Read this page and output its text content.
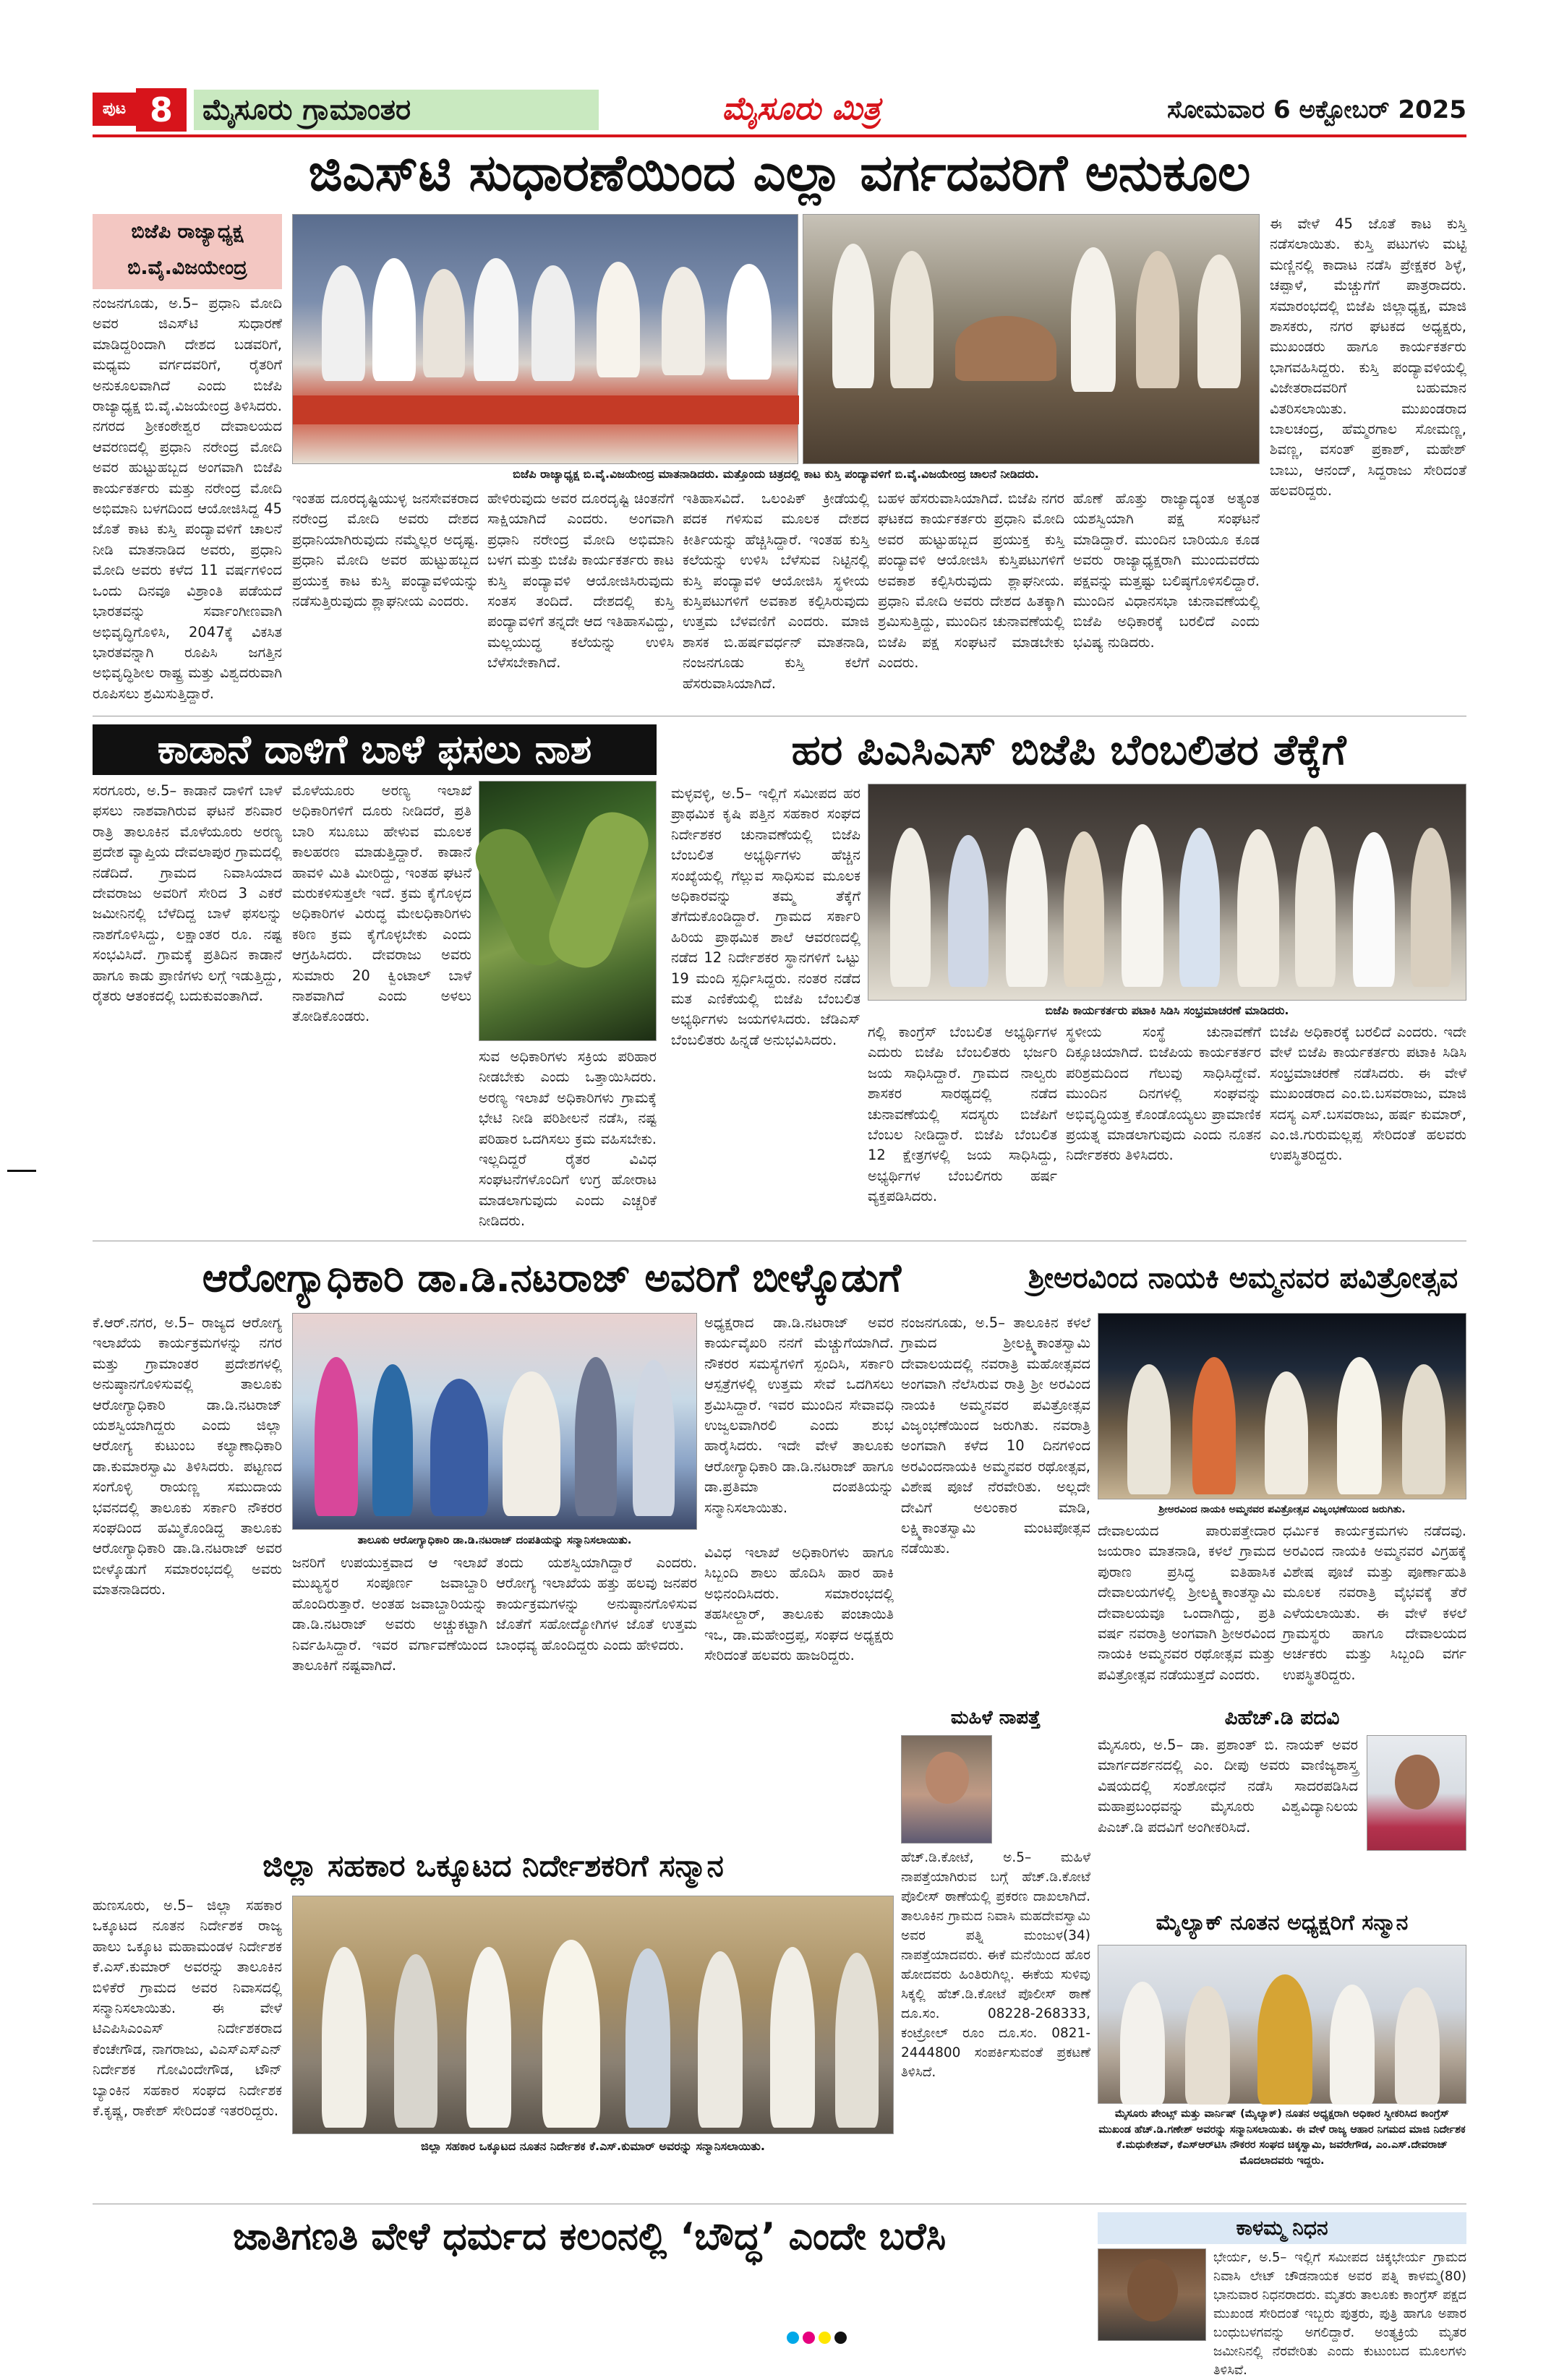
ಪುಟ 8	ಮೈಸೂರು ಗ್ರಾಮಾಂತರ	ಮೈಸೂರು ಮಿತ್ರ	ಸೋಮವಾರ 6 ಅಕ್ಟೋಬರ್ 2025
ಜಿಎಸ್‌ಟಿ ಸುಧಾರಣೆಯಿಂದ ಎಲ್ಲಾ ವರ್ಗದವರಿಗೆ ಅನುಕೂಲ
ಬಿಜೆಪಿ ರಾಜ್ಯಾಧ್ಯಕ್ಷ
ಬಿ.ವೈ.ವಿಜಯೇಂದ್ರ
ಬಿಜೆಪಿ ರಾಜ್ಯಾಧ್ಯಕ್ಷ ಬಿ.ವೈ.ವಿಜಯೇಂದ್ರ ಮಾತನಾಡಿದರು. ಮತ್ತೊಂದು ಚಿತ್ರದಲ್ಲಿ ಕಾಟ ಕುಸ್ತಿ ಪಂದ್ಯಾವಳಿಗೆ ಬಿ.ವೈ.ವಿಜಯೇಂದ್ರ ಚಾಲನೆ ನೀಡಿದರು.
ನಂಜನಗೂಡು, ಅ.5– ಪ್ರಧಾನಿ ಮೋದಿ ಅವರ ಜಿಎಸ್‌ಟಿ ಸುಧಾರಣೆ ಮಾಡಿದ್ದರಿಂದಾಗಿ ದೇಶದ ಬಡವರಿಗೆ, ಮಧ್ಯಮ ವರ್ಗದವರಿಗೆ, ರೈತರಿಗೆ ಅನುಕೂಲವಾಗಿದೆ ಎಂದು ಬಿಜೆಪಿ ರಾಜ್ಯಾಧ್ಯಕ್ಷ ಬಿ.ವೈ.ವಿಜಯೇಂದ್ರ ತಿಳಿಸಿದರು. ನಗರದ ಶ್ರೀಕಂಠೇಶ್ವರ ದೇವಾಲಯದ ಆವರಣದಲ್ಲಿ ಪ್ರಧಾನಿ ನರೇಂದ್ರ ಮೋದಿ ಅವರ ಹುಟ್ಟುಹಬ್ಬದ ಅಂಗವಾಗಿ ಬಿಜೆಪಿ ಕಾರ್ಯಕರ್ತರು ಮತ್ತು ನರೇಂದ್ರ ಮೋದಿ ಅಭಿಮಾನಿ ಬಳಗದಿಂದ ಆಯೋಜಿಸಿದ್ದ 45 ಜೊತೆ ಕಾಟ ಕುಸ್ತಿ ಪಂದ್ಯಾವಳಿಗೆ ಚಾಲನೆ ನೀಡಿ ಮಾತನಾಡಿದ ಅವರು, ಪ್ರಧಾನಿ ಮೋದಿ ಅವರು ಕಳೆದ 11 ವರ್ಷಗಳಿಂದ ಒಂದು ದಿನವೂ ವಿಶ್ರಾಂತಿ ಪಡೆಯದೆ ಭಾರತವನ್ನು ಸರ್ವಾಂಗೀಣವಾಗಿ ಅಭಿವೃದ್ಧಿಗೊಳಿಸಿ, 2047ಕ್ಕೆ ವಿಕಸಿತ ಭಾರತವನ್ನಾಗಿ ರೂಪಿಸಿ ಜಗತ್ತಿನ ಅಭಿವೃದ್ಧಿಶೀಲ ರಾಷ್ಟ್ರ ಮತ್ತು ವಿಶ್ವದರುವಾಗಿ ರೂಪಿಸಲು ಶ್ರಮಿಸುತ್ತಿದ್ದಾರೆ.
ಇಂತಹ ದೂರದೃಷ್ಟಿಯುಳ್ಳ ಜನಸೇವಕರಾದ ನರೇಂದ್ರ ಮೋದಿ ಅವರು ದೇಶದ ಪ್ರಧಾನಿಯಾಗಿರುವುದು ನಮ್ಮೆಲ್ಲರ ಅದೃಷ್ಟ. ಪ್ರಧಾನಿ ಮೋದಿ ಅವರ ಹುಟ್ಟುಹಬ್ಬದ ಪ್ರಯುಕ್ತ ಕಾಟ ಕುಸ್ತಿ ಪಂದ್ಯಾವಳಿಯನ್ನು ನಡೆಸುತ್ತಿರುವುದು ಶ್ಲಾಘನೀಯ ಎಂದರು.
ಹೇಳಿರುವುದು ಅವರ ದೂರದೃಷ್ಟಿ ಚಿಂತನೆಗೆ ಸಾಕ್ಷಿಯಾಗಿದೆ ಎಂದರು. ಅಂಗವಾಗಿ ಪ್ರಧಾನಿ ನರೇಂದ್ರ ಮೋದಿ ಅಭಿಮಾನಿ ಬಳಗ ಮತ್ತು ಬಿಜೆಪಿ ಕಾರ್ಯಕರ್ತರು ಕಾಟ ಕುಸ್ತಿ ಪಂದ್ಯಾವಳಿ ಆಯೋಜಿಸಿರುವುದು ಸಂತಸ ತಂದಿದೆ. ದೇಶದಲ್ಲಿ ಕುಸ್ತಿ ಪಂದ್ಯಾವಳಿಗೆ ತನ್ನದೇ ಆದ ಇತಿಹಾಸವಿದ್ದು, ಮಲ್ಲಯುದ್ಧ ಕಲೆಯನ್ನು ಉಳಿಸಿ ಬೆಳೆಸಬೇಕಾಗಿದೆ.
ಇತಿಹಾಸವಿದೆ. ಒಲಂಪಿಕ್ ಕ್ರೀಡೆಯಲ್ಲಿ ಪದಕ ಗಳಿಸುವ ಮೂಲಕ ದೇಶದ ಕೀರ್ತಿಯನ್ನು ಹೆಚ್ಚಿಸಿದ್ದಾರೆ. ಇಂತಹ ಕುಸ್ತಿ ಕಲೆಯನ್ನು ಉಳಿಸಿ ಬೆಳೆಸುವ ನಿಟ್ಟಿನಲ್ಲಿ ಕುಸ್ತಿ ಪಂದ್ಯಾವಳಿ ಆಯೋಜಿಸಿ ಸ್ಥಳೀಯ ಕುಸ್ತಿಪಟುಗಳಿಗೆ ಅವಕಾಶ ಕಲ್ಪಿಸಿರುವುದು ಉತ್ತಮ ಬೆಳವಣಿಗೆ ಎಂದರು. ಮಾಜಿ ಶಾಸಕ ಬಿ.ಹರ್ಷವರ್ಧನ್ ಮಾತನಾಡಿ, ನಂಜನಗೂಡು ಕುಸ್ತಿ ಕಲೆಗೆ ಹೆಸರುವಾಸಿಯಾಗಿದೆ.
ಬಹಳ ಹೆಸರುವಾಸಿಯಾಗಿದೆ. ಬಿಜೆಪಿ ನಗರ ಘಟಕದ ಕಾರ್ಯಕರ್ತರು ಪ್ರಧಾನಿ ಮೋದಿ ಅವರ ಹುಟ್ಟುಹಬ್ಬದ ಪ್ರಯುಕ್ತ ಕುಸ್ತಿ ಪಂದ್ಯಾವಳಿ ಆಯೋಜಿಸಿ ಕುಸ್ತಿಪಟುಗಳಿಗೆ ಅವಕಾಶ ಕಲ್ಪಿಸಿರುವುದು ಶ್ಲಾಘನೀಯ. ಪ್ರಧಾನಿ ಮೋದಿ ಅವರು ದೇಶದ ಹಿತಕ್ಕಾಗಿ ಶ್ರಮಿಸುತ್ತಿದ್ದು, ಮುಂದಿನ ಚುನಾವಣೆಯಲ್ಲಿ ಬಿಜೆಪಿ ಪಕ್ಷ ಸಂಘಟನೆ ಮಾಡಬೇಕು ಎಂದರು.
ಹೊಣೆ ಹೊತ್ತು ರಾಜ್ಯಾದ್ಯಂತ ಅತ್ಯಂತ ಯಶಸ್ವಿಯಾಗಿ ಪಕ್ಷ ಸಂಘಟನೆ ಮಾಡಿದ್ದಾರೆ. ಮುಂದಿನ ಬಾರಿಯೂ ಕೂಡ ಅವರು ರಾಜ್ಯಾಧ್ಯಕ್ಷರಾಗಿ ಮುಂದುವರೆದು ಪಕ್ಷವನ್ನು ಮತ್ತಷ್ಟು ಬಲಿಷ್ಠಗೊಳಿಸಲಿದ್ದಾರೆ. ಮುಂದಿನ ವಿಧಾನಸಭಾ ಚುನಾವಣೆಯಲ್ಲಿ ಬಿಜೆಪಿ ಅಧಿಕಾರಕ್ಕೆ ಬರಲಿದೆ ಎಂದು ಭವಿಷ್ಯ ನುಡಿದರು.
ಈ ವೇಳೆ 45 ಜೊತೆ ಕಾಟ ಕುಸ್ತಿ ನಡೆಸಲಾಯಿತು. ಕುಸ್ತಿ ಪಟುಗಳು ಮಟ್ಟಿ ಮಣ್ಣಿನಲ್ಲಿ ಕಾದಾಟ ನಡೆಸಿ ಪ್ರೇಕ್ಷಕರ ಶಿಳ್ಳೆ, ಚಪ್ಪಾಳೆ, ಮೆಚ್ಚುಗೆಗೆ ಪಾತ್ರರಾದರು. ಸಮಾರಂಭದಲ್ಲಿ ಬಿಜೆಪಿ ಜಿಲ್ಲಾಧ್ಯಕ್ಷ, ಮಾಜಿ ಶಾಸಕರು, ನಗರ ಘಟಕದ ಅಧ್ಯಕ್ಷರು, ಮುಖಂಡರು ಹಾಗೂ ಕಾರ್ಯಕರ್ತರು ಭಾಗವಹಿಸಿದ್ದರು. ಕುಸ್ತಿ ಪಂದ್ಯಾವಳಿಯಲ್ಲಿ ವಿಜೇತರಾದವರಿಗೆ ಬಹುಮಾನ ವಿತರಿಸಲಾಯಿತು. ಮುಖಂಡರಾದ ಬಾಲಚಂದ್ರ, ಹೆಮ್ಮರಗಾಲ ಸೋಮಣ್ಣ, ಶಿವಣ್ಣ, ವಸಂತ್ ಪ್ರಕಾಶ್, ಮಹೇಶ್ ಬಾಬು, ಆನಂದ್, ಸಿದ್ದರಾಜು ಸೇರಿದಂತೆ ಹಲವರಿದ್ದರು.
ಕಾಡಾನೆ ದಾಳಿಗೆ ಬಾಳೆ ಫಸಲು ನಾಶ
ಸರಗೂರು, ಅ.5– ಕಾಡಾನೆ ದಾಳಿಗೆ ಬಾಳೆ ಫಸಲು ನಾಶವಾಗಿರುವ ಘಟನೆ ಶನಿವಾರ ರಾತ್ರಿ ತಾಲೂಕಿನ ಮೊಳೆಯೂರು ಅರಣ್ಯ ಪ್ರದೇಶ ವ್ಯಾಪ್ತಿಯ ದೇವಲಾಪುರ ಗ್ರಾಮದಲ್ಲಿ ನಡೆದಿದೆ. ಗ್ರಾಮದ ನಿವಾಸಿಯಾದ ದೇವರಾಜು ಅವರಿಗೆ ಸೇರಿದ 3 ಎಕರೆ ಜಮೀನಿನಲ್ಲಿ ಬೆಳೆದಿದ್ದ ಬಾಳೆ ಫಸಲನ್ನು ನಾಶಗೊಳಿಸಿದ್ದು, ಲಕ್ಷಾಂತರ ರೂ. ನಷ್ಟ ಸಂಭವಿಸಿದೆ. ಗ್ರಾಮಕ್ಕೆ ಪ್ರತಿದಿನ ಕಾಡಾನೆ ಹಾಗೂ ಕಾಡು ಪ್ರಾಣಿಗಳು ಲಗ್ಗೆ ಇಡುತ್ತಿದ್ದು, ರೈತರು ಆತಂಕದಲ್ಲಿ ಬದುಕುವಂತಾಗಿದೆ.
ಮೊಳೆಯೂರು ಅರಣ್ಯ ಇಲಾಖೆ ಅಧಿಕಾರಿಗಳಿಗೆ ದೂರು ನೀಡಿದರೆ, ಪ್ರತಿ ಬಾರಿ ಸಬೂಬು ಹೇಳುವ ಮೂಲಕ ಕಾಲಹರಣ ಮಾಡುತ್ತಿದ್ದಾರೆ. ಕಾಡಾನೆ ಹಾವಳಿ ಮಿತಿ ಮೀರಿದ್ದು, ಇಂತಹ ಘಟನೆ ಮರುಕಳಿಸುತ್ತಲೇ ಇದೆ. ಕ್ರಮ ಕೈಗೊಳ್ಳದ ಅಧಿಕಾರಿಗಳ ವಿರುದ್ಧ ಮೇಲಧಿಕಾರಿಗಳು ಕಠಿಣ ಕ್ರಮ ಕೈಗೊಳ್ಳಬೇಕು ಎಂದು ಆಗ್ರಹಿಸಿದರು. ದೇವರಾಜು ಅವರು ಸುಮಾರು 20 ಕ್ವಿಂಟಾಲ್ ಬಾಳೆ ನಾಶವಾಗಿದೆ ಎಂದು ಅಳಲು ತೋಡಿಕೊಂಡರು.
ಸುವ ಅಧಿಕಾರಿಗಳು ಸಕ್ರಿಯ ಪರಿಹಾರ ನೀಡಬೇಕು ಎಂದು ಒತ್ತಾಯಿಸಿದರು. ಅರಣ್ಯ ಇಲಾಖೆ ಅಧಿಕಾರಿಗಳು ಗ್ರಾಮಕ್ಕೆ ಭೇಟಿ ನೀಡಿ ಪರಿಶೀಲನೆ ನಡೆಸಿ, ನಷ್ಟ ಪರಿಹಾರ ಒದಗಿಸಲು ಕ್ರಮ ವಹಿಸಬೇಕು. ಇಲ್ಲದಿದ್ದರೆ ರೈತರ ವಿವಿಧ ಸಂಘಟನೆಗಳೊಂದಿಗೆ ಉಗ್ರ ಹೋರಾಟ ಮಾಡಲಾಗುವುದು ಎಂದು ಎಚ್ಚರಿಕೆ ನೀಡಿದರು.
ಹರ ಪಿಎಸಿಎಸ್ ಬಿಜೆಪಿ ಬೆಂಬಲಿತರ ತೆಕ್ಕೆಗೆ
ಮಳ್ಳವಳ್ಳಿ, ಅ.5– ಇಲ್ಲಿಗೆ ಸಮೀಪದ ಹರ ಪ್ರಾಥಮಿಕ ಕೃಷಿ ಪತ್ತಿನ ಸಹಕಾರ ಸಂಘದ ನಿರ್ದೇಶಕರ ಚುನಾವಣೆಯಲ್ಲಿ ಬಿಜೆಪಿ ಬೆಂಬಲಿತ ಅಭ್ಯರ್ಥಿಗಳು ಹೆಚ್ಚಿನ ಸಂಖ್ಯೆಯಲ್ಲಿ ಗೆಲ್ಲುವ ಸಾಧಿಸುವ ಮೂಲಕ ಅಧಿಕಾರವನ್ನು ತಮ್ಮ ತೆಕ್ಕೆಗೆ ತೆಗೆದುಕೊಂಡಿದ್ದಾರೆ. ಗ್ರಾಮದ ಸರ್ಕಾರಿ ಹಿರಿಯ ಪ್ರಾಥಮಿಕ ಶಾಲೆ ಆವರಣದಲ್ಲಿ ನಡೆದ 12 ನಿರ್ದೇಶಕರ ಸ್ಥಾನಗಳಿಗೆ ಒಟ್ಟು 19 ಮಂದಿ ಸ್ಪರ್ಧಿಸಿದ್ದರು. ನಂತರ ನಡೆದ ಮತ ಎಣಿಕೆಯಲ್ಲಿ ಬಿಜೆಪಿ ಬೆಂಬಲಿತ ಅಭ್ಯರ್ಥಿಗಳು ಜಯಗಳಿಸಿದರು. ಜೆಡಿಎಸ್ ಬೆಂಬಲಿತರು ಹಿನ್ನಡೆ ಅನುಭವಿಸಿದರು.
ಬಿಜೆಪಿ ಕಾರ್ಯಕರ್ತರು ಪಟಾಕಿ ಸಿಡಿಸಿ ಸಂಭ್ರಮಾಚರಣೆ ಮಾಡಿದರು.
ಗಲ್ಲಿ ಕಾಂಗ್ರೆಸ್ ಬೆಂಬಲಿತ ಅಭ್ಯರ್ಥಿಗಳ ಎದುರು ಬಿಜೆಪಿ ಬೆಂಬಲಿತರು ಭರ್ಜರಿ ಜಯ ಸಾಧಿಸಿದ್ದಾರೆ. ಗ್ರಾಮದ ನಾಲ್ವರು ಶಾಸಕರ ಸಾರಥ್ಯದಲ್ಲಿ ನಡೆದ ಚುನಾವಣೆಯಲ್ಲಿ ಸದಸ್ಯರು ಬಿಜೆಪಿಗೆ ಬೆಂಬಲ ನೀಡಿದ್ದಾರೆ. ಬಿಜೆಪಿ ಬೆಂಬಲಿತ 12 ಕ್ಷೇತ್ರಗಳಲ್ಲಿ ಜಯ ಸಾಧಿಸಿದ್ದು, ಅಭ್ಯರ್ಥಿಗಳ ಬೆಂಬಲಿಗರು ಹರ್ಷ ವ್ಯಕ್ತಪಡಿಸಿದರು.
ಸ್ಥಳೀಯ ಸಂಸ್ಥೆ ಚುನಾವಣೆಗೆ ದಿಕ್ಸೂಚಿಯಾಗಿದೆ. ಬಿಜೆಪಿಯ ಕಾರ್ಯಕರ್ತರ ಪರಿಶ್ರಮದಿಂದ ಗೆಲುವು ಸಾಧಿಸಿದ್ದೇವೆ. ಮುಂದಿನ ದಿನಗಳಲ್ಲಿ ಸಂಘವನ್ನು ಅಭಿವೃದ್ಧಿಯತ್ತ ಕೊಂಡೊಯ್ಯಲು ಪ್ರಾಮಾಣಿಕ ಪ್ರಯತ್ನ ಮಾಡಲಾಗುವುದು ಎಂದು ನೂತನ ನಿರ್ದೇಶಕರು ತಿಳಿಸಿದರು.
ಬಿಜೆಪಿ ಅಧಿಕಾರಕ್ಕೆ ಬರಲಿದೆ ಎಂದರು. ಇದೇ ವೇಳೆ ಬಿಜೆಪಿ ಕಾರ್ಯಕರ್ತರು ಪಟಾಕಿ ಸಿಡಿಸಿ ಸಂಭ್ರಮಾಚರಣೆ ನಡೆಸಿದರು. ಈ ವೇಳೆ ಮುಖಂಡರಾದ ಎಂ.ಬಿ.ಬಸವರಾಜು, ಮಾಜಿ ಸದಸ್ಯ ಎಸ್.ಬಸವರಾಜು, ಹರ್ಷ ಕುಮಾರ್, ಎಂ.ಜಿ.ಗುರುಮಲ್ಲಪ್ಪ ಸೇರಿದಂತೆ ಹಲವರು ಉಪಸ್ಥಿತರಿದ್ದರು.
ಆರೋಗ್ಯಾಧಿಕಾರಿ ಡಾ.ಡಿ.ನಟರಾಜ್ ಅವರಿಗೆ ಬೀಳ್ಕೊಡುಗೆ
ಕೆ.ಆರ್.ನಗರ, ಅ.5– ರಾಜ್ಯದ ಆರೋಗ್ಯ ಇಲಾಖೆಯ ಕಾರ್ಯಕ್ರಮಗಳನ್ನು ನಗರ ಮತ್ತು ಗ್ರಾಮಾಂತರ ಪ್ರದೇಶಗಳಲ್ಲಿ ಅನುಷ್ಠಾನಗೊಳಿಸುವಲ್ಲಿ ತಾಲೂಕು ಆರೋಗ್ಯಾಧಿಕಾರಿ ಡಾ.ಡಿ.ನಟರಾಜ್ ಯಶಸ್ವಿಯಾಗಿದ್ದರು ಎಂದು ಜಿಲ್ಲಾ ಆರೋಗ್ಯ ಕುಟುಂಬ ಕಲ್ಯಾಣಾಧಿಕಾರಿ ಡಾ.ಕುಮಾರಸ್ವಾಮಿ ತಿಳಿಸಿದರು. ಪಟ್ಟಣದ ಸಂಗೊಳ್ಳಿ ರಾಯಣ್ಣ ಸಮುದಾಯ ಭವನದಲ್ಲಿ ತಾಲೂಕು ಸರ್ಕಾರಿ ನೌಕರರ ಸಂಘದಿಂದ ಹಮ್ಮಿಕೊಂಡಿದ್ದ ತಾಲೂಕು ಆರೋಗ್ಯಾಧಿಕಾರಿ ಡಾ.ಡಿ.ನಟರಾಜ್ ಅವರ ಬೀಳ್ಕೊಡುಗೆ ಸಮಾರಂಭದಲ್ಲಿ ಅವರು ಮಾತನಾಡಿದರು.
ತಾಲೂಕು ಆರೋಗ್ಯಾಧಿಕಾರಿ ಡಾ.ಡಿ.ನಟರಾಜ್ ದಂಪತಿಯನ್ನು ಸನ್ಮಾನಿಸಲಾಯಿತು.
ಅಧ್ಯಕ್ಷರಾದ ಡಾ.ಡಿ.ನಟರಾಜ್ ಅವರ ಕಾರ್ಯವೈಖರಿ ನನಗೆ ಮೆಚ್ಚುಗೆಯಾಗಿದೆ. ನೌಕರರ ಸಮಸ್ಯೆಗಳಿಗೆ ಸ್ಪಂದಿಸಿ, ಸರ್ಕಾರಿ ಆಸ್ಪತ್ರೆಗಳಲ್ಲಿ ಉತ್ತಮ ಸೇವೆ ಒದಗಿಸಲು ಶ್ರಮಿಸಿದ್ದಾರೆ. ಇವರ ಮುಂದಿನ ಸೇವಾವಧಿ ಉಜ್ವಲವಾಗಿರಲಿ ಎಂದು ಶುಭ ಹಾರೈಸಿದರು. ಇದೇ ವೇಳೆ ತಾಲೂಕು ಆರೋಗ್ಯಾಧಿಕಾರಿ ಡಾ.ಡಿ.ನಟರಾಜ್ ಹಾಗೂ ಡಾ.ಪ್ರತಿಮಾ ದಂಪತಿಯನ್ನು ಸನ್ಮಾನಿಸಲಾಯಿತು.
ಜನರಿಗೆ ಉಪಯುಕ್ತವಾದ ಆ ಇಲಾಖೆ ಮುಖ್ಯಸ್ಥರ ಸಂಪೂರ್ಣ ಜವಾಬ್ದಾರಿ ಹೊಂದಿರುತ್ತಾರೆ. ಅಂತಹ ಜವಾಬ್ದಾರಿಯನ್ನು ಡಾ.ಡಿ.ನಟರಾಜ್ ಅವರು ಅಚ್ಚುಕಟ್ಟಾಗಿ ನಿರ್ವಹಿಸಿದ್ದಾರೆ. ಇವರ ವರ್ಗಾವಣೆಯಿಂದ ತಾಲೂಕಿಗೆ ನಷ್ಟವಾಗಿದೆ.
ತಂದು ಯಶಸ್ವಿಯಾಗಿದ್ದಾರೆ ಎಂದರು. ಆರೋಗ್ಯ ಇಲಾಖೆಯ ಹತ್ತು ಹಲವು ಜನಪರ ಕಾರ್ಯಕ್ರಮಗಳನ್ನು ಅನುಷ್ಠಾನಗೊಳಿಸುವ ಜೊತೆಗೆ ಸಹೋದ್ಯೋಗಿಗಳ ಜೊತೆ ಉತ್ತಮ ಬಾಂಧವ್ಯ ಹೊಂದಿದ್ದರು ಎಂದು ಹೇಳಿದರು.
ವಿವಿಧ ಇಲಾಖೆ ಅಧಿಕಾರಿಗಳು ಹಾಗೂ ಸಿಬ್ಬಂದಿ ಶಾಲು ಹೊದಿಸಿ ಹಾರ ಹಾಕಿ ಅಭಿನಂದಿಸಿದರು. ಸಮಾರಂಭದಲ್ಲಿ ತಹಸೀಲ್ದಾರ್, ತಾಲೂಕು ಪಂಚಾಯಿತಿ ಇಒ, ಡಾ.ಮಹೇಂದ್ರಪ್ಪ, ಸಂಘದ ಅಧ್ಯಕ್ಷರು ಸೇರಿದಂತೆ ಹಲವರು ಹಾಜರಿದ್ದರು.
ಶ್ರೀಅರವಿಂದ ನಾಯಕಿ ಅಮ್ಮನವರ ಪವಿತ್ರೋತ್ಸವ
ನಂಜನಗೂಡು, ಅ.5– ತಾಲೂಕಿನ ಕಳಲೆ ಗ್ರಾಮದ ಶ್ರೀಲಕ್ಷ್ಮಿಕಾಂತಸ್ವಾಮಿ ದೇವಾಲಯದಲ್ಲಿ ನವರಾತ್ರಿ ಮಹೋತ್ಸವದ ಅಂಗವಾಗಿ ನೆಲೆಸಿರುವ ರಾತ್ರಿ ಶ್ರೀ ಅರವಿಂದ ನಾಯಕಿ ಅಮ್ಮನವರ ಪವಿತ್ರೋತ್ಸವ ವಿಜೃಂಭಣೆಯಿಂದ ಜರುಗಿತು. ನವರಾತ್ರಿ ಅಂಗವಾಗಿ ಕಳೆದ 10 ದಿನಗಳಿಂದ ಅರವಿಂದನಾಯಕಿ ಅಮ್ಮನವರ ರಥೋತ್ಸವ, ವಿಶೇಷ ಪೂಜೆ ನೆರವೇರಿತು. ಅಲ್ಲದೇ ದೇವಿಗೆ ಅಲಂಕಾರ ಮಾಡಿ, ಲಕ್ಷ್ಮಿಕಾಂತಸ್ವಾಮಿ ಮಂಟಪೋತ್ಸವ ನಡೆಯಿತು.
ಶ್ರೀಅರವಿಂದ ನಾಯಕಿ ಅಮ್ಮನವರ ಪವಿತ್ರೋತ್ಸವ ವಿಜೃಂಭಣೆಯಿಂದ ಜರುಗಿತು.
ದೇವಾಲಯದ ಪಾರುಪತ್ತೇದಾರ ಜಯರಾಂ ಮಾತನಾಡಿ, ಕಳಲೆ ಗ್ರಾಮದ ಪುರಾಣ ಪ್ರಸಿದ್ಧ ಐತಿಹಾಸಿಕ ದೇವಾಲಯಗಳಲ್ಲಿ ಶ್ರೀಲಕ್ಷ್ಮಿಕಾಂತಸ್ವಾಮಿ ದೇವಾಲಯವೂ ಒಂದಾಗಿದ್ದು, ಪ್ರತಿ ವರ್ಷ ನವರಾತ್ರಿ ಅಂಗವಾಗಿ ಶ್ರೀಅರವಿಂದ ನಾಯಕಿ ಅಮ್ಮನವರ ರಥೋತ್ಸವ ಮತ್ತು ಪವಿತ್ರೋತ್ಸವ ನಡೆಯುತ್ತದೆ ಎಂದರು.
ಧರ್ಮಿಕ ಕಾರ್ಯಕ್ರಮಗಳು ನಡೆದವು. ಅರವಿಂದ ನಾಯಕಿ ಅಮ್ಮನವರ ವಿಗ್ರಹಕ್ಕೆ ವಿಶೇಷ ಪೂಜೆ ಮತ್ತು ಪೂರ್ಣಾಹುತಿ ಮೂಲಕ ನವರಾತ್ರಿ ವೈಭವಕ್ಕೆ ತೆರೆ ಎಳೆಯಲಾಯಿತು. ಈ ವೇಳೆ ಕಳಲೆ ಗ್ರಾಮಸ್ಥರು ಹಾಗೂ ದೇವಾಲಯದ ಅರ್ಚಕರು ಮತ್ತು ಸಿಬ್ಬಂದಿ ವರ್ಗ ಉಪಸ್ಥಿತರಿದ್ದರು.
ಜಿಲ್ಲಾ ಸಹಕಾರ ಒಕ್ಕೂಟದ ನಿರ್ದೇಶಕರಿಗೆ ಸನ್ಮಾನ
ಹುಣಸೂರು, ಅ.5– ಜಿಲ್ಲಾ ಸಹಕಾರ ಒಕ್ಕೂಟದ ನೂತನ ನಿರ್ದೇಶಕ ರಾಜ್ಯ ಹಾಲು ಒಕ್ಕೂಟ ಮಹಾಮಂಡಳ ನಿರ್ದೇಶಕ ಕೆ.ಎಸ್.ಕುಮಾರ್ ಅವರನ್ನು ತಾಲೂಕಿನ ಬಿಳಿಕೆರೆ ಗ್ರಾಮದ ಅವರ ನಿವಾಸದಲ್ಲಿ ಸನ್ಮಾನಿಸಲಾಯಿತು. ಈ ವೇಳೆ ಟಿಎಪಿಸಿಎಂಎಸ್ ನಿರ್ದೇಶಕರಾದ ಕೆಂಚೇಗೌಡ, ನಾಗರಾಜು, ವಿಎಸ್‌ಎಸ್‌ಎನ್ ನಿರ್ದೇಶಕ ಗೋವಿಂದೇಗೌಡ, ಟೌನ್ ಬ್ಯಾಂಕಿನ ಸಹಕಾರ ಸಂಘದ ನಿರ್ದೇಶಕ ಕೆ.ಕೃಷ್ಣ, ರಾಕೇಶ್ ಸೇರಿದಂತೆ ಇತರರಿದ್ದರು.
ಜಿಲ್ಲಾ ಸಹಕಾರ ಒಕ್ಕೂಟದ ನೂತನ ನಿರ್ದೇಶಕ ಕೆ.ಎಸ್.ಕುಮಾರ್ ಅವರನ್ನು ಸನ್ಮಾನಿಸಲಾಯಿತು.
ಮಹಿಳೆ ನಾಪತ್ತೆ
ಹೆಚ್.ಡಿ.ಕೋಟೆ, ಅ.5– ಮಹಿಳೆ ನಾಪತ್ತೆಯಾಗಿರುವ ಬಗ್ಗೆ ಹೆಚ್.ಡಿ.ಕೋಟೆ ಪೊಲೀಸ್ ಠಾಣೆಯಲ್ಲಿ ಪ್ರಕರಣ ದಾಖಲಾಗಿದೆ. ತಾಲೂಕಿನ ಗ್ರಾಮದ ನಿವಾಸಿ ಮಹದೇವಸ್ವಾಮಿ ಅವರ ಪತ್ನಿ ಮಂಜುಳ(34) ನಾಪತ್ತೆಯಾದವರು. ಈಕೆ ಮನೆಯಿಂದ ಹೊರ ಹೋದವರು ಹಿಂತಿರುಗಿಲ್ಲ. ಈಕೆಯ ಸುಳಿವು ಸಿಕ್ಕಲ್ಲಿ ಹೆಚ್.ಡಿ.ಕೋಟೆ ಪೊಲೀಸ್ ಠಾಣೆ ದೂ.ಸಂ. 08228-268333, ಕಂಟ್ರೋಲ್ ರೂಂ ದೂ.ಸಂ. 0821-2444800 ಸಂಪರ್ಕಿಸುವಂತೆ ಪ್ರಕಟಣೆ ತಿಳಿಸಿದೆ.
ಪಿಹೆಚ್.ಡಿ ಪದವಿ
ಮೈಸೂರು, ಅ.5– ಡಾ. ಪ್ರಶಾಂತ್ ಬಿ. ನಾಯಕ್ ಅವರ ಮಾರ್ಗದರ್ಶನದಲ್ಲಿ ಎಂ. ದೀಪು ಅವರು ವಾಣಿಜ್ಯಶಾಸ್ತ್ರ ವಿಷಯದಲ್ಲಿ ಸಂಶೋಧನೆ ನಡೆಸಿ ಸಾದರಪಡಿಸಿದ ಮಹಾಪ್ರಬಂಧವನ್ನು ಮೈಸೂರು ವಿಶ್ವವಿದ್ಯಾನಿಲಯ ಪಿಎಚ್.ಡಿ ಪದವಿಗೆ ಅಂಗೀಕರಿಸಿದೆ.
ಮೈಲ್ಯಾಕ್ ನೂತನ ಅಧ್ಯಕ್ಷರಿಗೆ ಸನ್ಮಾನ
ಮೈಸೂರು ಪೇಂಟ್ಸ್ ಮತ್ತು ವಾರ್ನಿಷ್ (ಮೈಲ್ಯಾಕ್) ನೂತನ ಅಧ್ಯಕ್ಷರಾಗಿ ಅಧಿಕಾರ ಸ್ವೀಕರಿಸಿದ ಕಾಂಗ್ರೆಸ್ ಮುಖಂಡ ಹೆಚ್.ಡಿ.ಗಣೇಶ್ ಅವರನ್ನು ಸನ್ಮಾನಿಸಲಾಯಿತು. ಈ ವೇಳೆ ರಾಜ್ಯ ಆಹಾರ ನಿಗಮದ ಮಾಜಿ ನಿರ್ದೇಶಕ ಕೆ.ಮಧುಕೇಶವ್, ಕೆಎಸ್‌ಆರ್‌ಟಿಸಿ ನೌಕರರ ಸಂಘದ ಚಿಕ್ಕಸ್ವಾಮಿ, ಜವರೇಗೌಡ, ಎಂ.ಎಸ್.ದೇವರಾಜ್ ಮೊದಲಾದವರು ಇದ್ದರು.
ಜಾತಿಗಣತಿ ವೇಳೆ ಧರ್ಮದ ಕಲಂನಲ್ಲಿ ‘ಬೌದ್ಧ’ ಎಂದೇ ಬರೆಸಿ	ಕಾಳಮ್ಮ ನಿಧನ
ಭೇರ್ಯ, ಅ.5– ಇಲ್ಲಿಗೆ ಸಮೀಪದ ಚಿಕ್ಕಭೇರ್ಯ ಗ್ರಾಮದ ನಿವಾಸಿ ಲೇಟ್ ಚೌಡನಾಯಕ ಅವರ ಪತ್ನಿ ಕಾಳಮ್ಮ(80) ಭಾನುವಾರ ನಿಧನರಾದರು. ಮೃತರು ತಾಲೂಕು ಕಾಂಗ್ರೆಸ್ ಪಕ್ಷದ ಮುಖಂಡ ಸೇರಿದಂತೆ ಇಬ್ಬರು ಪುತ್ರರು, ಪುತ್ರಿ ಹಾಗೂ ಅಪಾರ ಬಂಧುಬಳಗವನ್ನು ಅಗಲಿದ್ದಾರೆ. ಅಂತ್ಯಕ್ರಿಯೆ ಮೃತರ ಜಮೀನಿನಲ್ಲಿ ನೆರವೇರಿತು ಎಂದು ಕುಟುಂಬದ ಮೂಲಗಳು ತಿಳಿಸಿವೆ.
